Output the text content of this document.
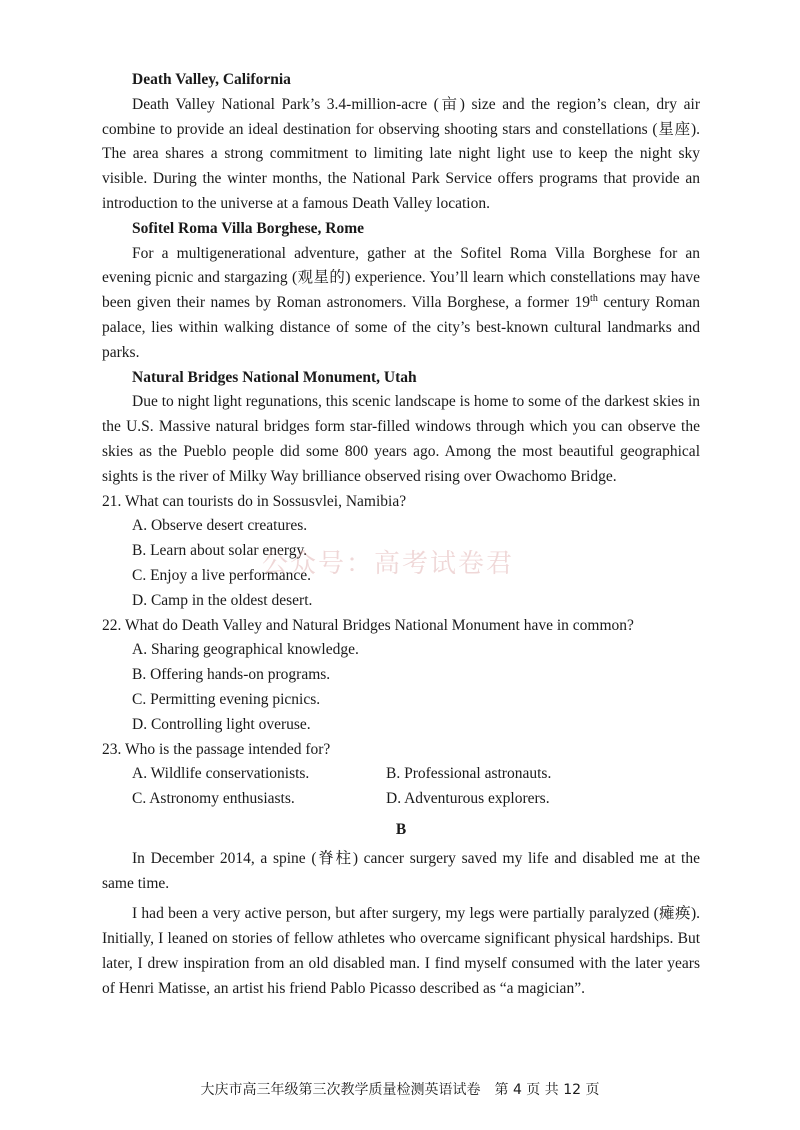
Death Valley, California

Death Valley National Park’s 3.4-million-acre (亩) size and the region’s clean, dry air combine to provide an ideal destination for observing shooting stars and constellations (星座). The area shares a strong commitment to limiting late night light use to keep the night sky visible. During the winter months, the National Park Service offers programs that provide an introduction to the universe at a famous Death Valley location.

Sofitel Roma Villa Borghese, Rome

For a multigenerational adventure, gather at the Sofitel Roma Villa Borghese for an evening picnic and stargazing (观星的) experience. You’ll learn which constellations may have been given their names by Roman astronomers. Villa Borghese, a former 19th century Roman palace, lies within walking distance of some of the city’s best-known cultural landmarks and parks.

Natural Bridges National Monument, Utah

Due to night light regunations, this scenic landscape is home to some of the darkest skies in the U.S. Massive natural bridges form star-filled windows through which you can observe the skies as the Pueblo people did some 800 years ago. Among the most beautiful geographical sights is the river of Milky Way brilliance observed rising over Owachomo Bridge.

21. What can tourists do in Sossusvlei, Namibia?

A. Observe desert creatures.

B. Learn about solar energy.

C. Enjoy a live performance.

D. Camp in the oldest desert.

22. What do Death Valley and Natural Bridges National Monument have in common?

A. Sharing geographical knowledge.

B. Offering hands-on programs.

C. Permitting evening picnics.

D. Controlling light overuse.

23. Who is the passage intended for?

A. Wildlife conservationists.	B. Professional astronauts.
C. Astronomy enthusiasts.	D. Adventurous explorers.

B

In December 2014, a spine (脊柱) cancer surgery saved my life and disabled me at the same time.

I had been a very active person, but after surgery, my legs were partially paralyzed (瘫痪). Initially, I leaned on stories of fellow athletes who overcame significant physical hardships. But later, I drew inspiration from an old disabled man. I find myself consumed with the later years of Henri Matisse, an artist his friend Pablo Picasso described as “a magician”.

公众号：高考试卷君
大庆市高三年级第三次教学质量检测英语试卷　第 4 页 共 12 页
